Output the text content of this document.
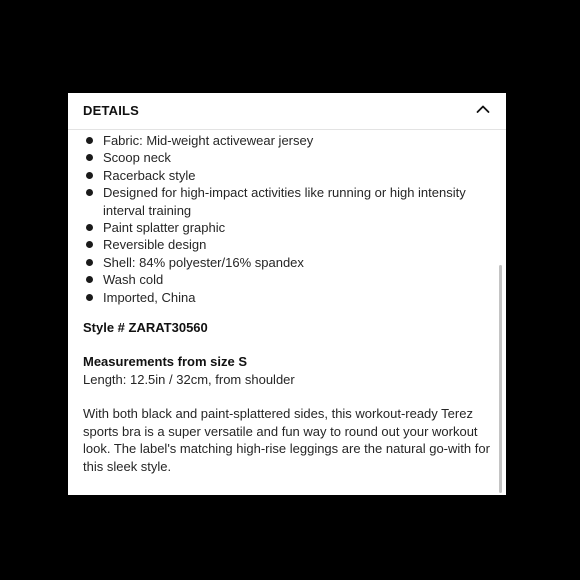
DETAILS
Fabric: Mid-weight activewear jersey
Scoop neck
Racerback style
Designed for high-impact activities like running or high intensity interval training
Paint splatter graphic
Reversible design
Shell: 84% polyester/16% spandex
Wash cold
Imported, China
Style # ZARAT30560
Measurements from size S
Length: 12.5in / 32cm, from shoulder
With both black and paint-splattered sides, this workout-ready Terez sports bra is a super versatile and fun way to round out your workout look. The label's matching high-rise leggings are the natural go-with for this sleek style.
